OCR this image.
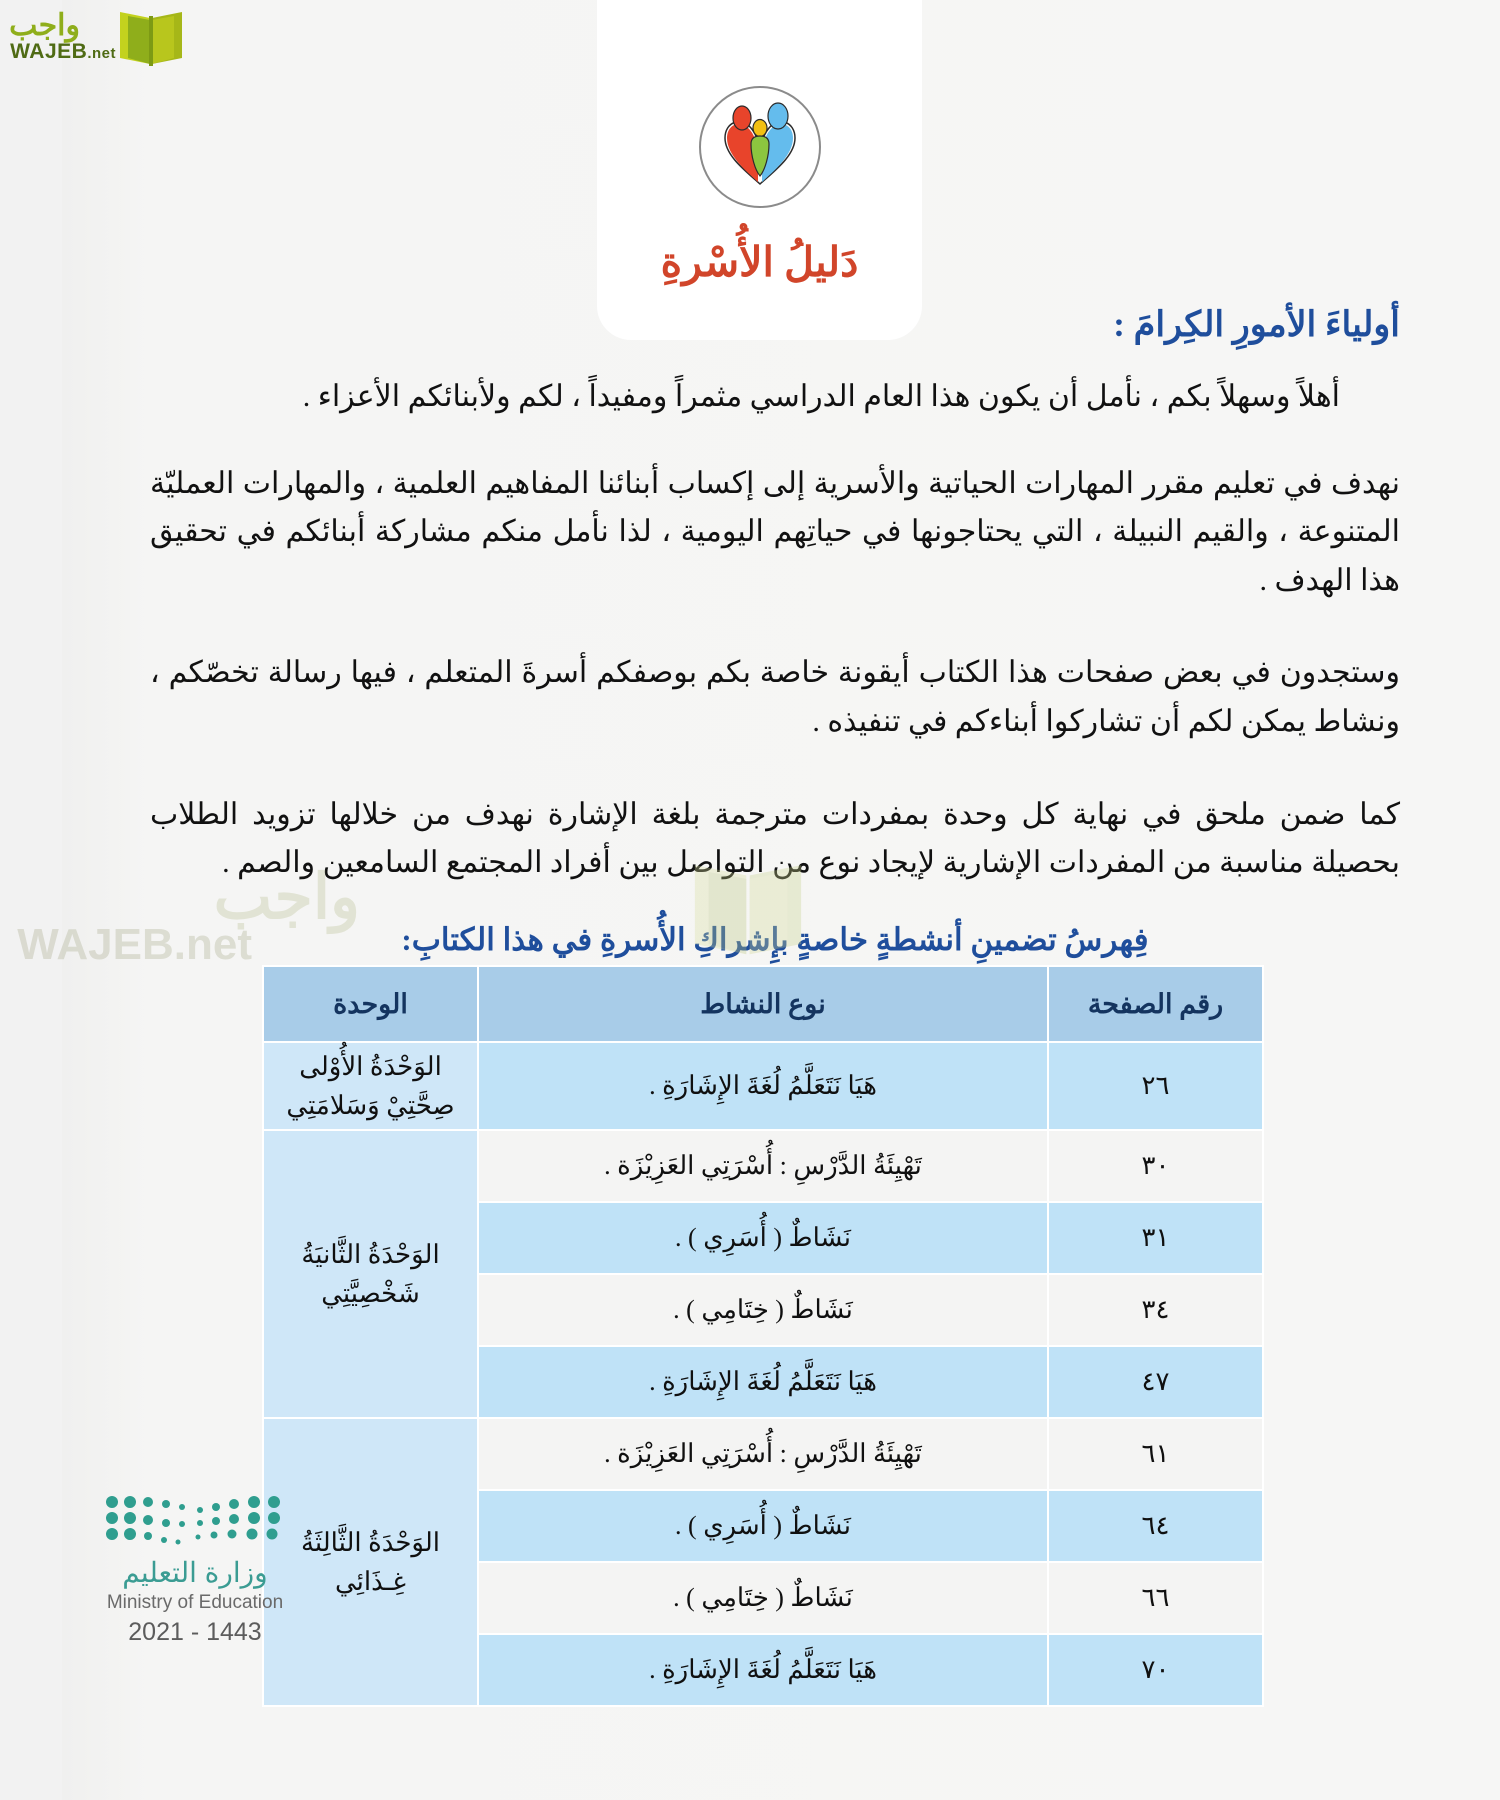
واجب
WAJEB.net
دَليلُ الأُسْرةِ
أولياءَ الأمورِ الكِرامَ :

أهلاً وسهلاً بكم ، نأمل أن يكون هذا العام الدراسي مثمراً ومفيداً ، لكم ولأبنائكم الأعزاء .

نهدف في تعليم مقرر المهارات الحياتية والأسرية إلى إكساب أبنائنا المفاهيم العلمية ، والمهارات العمليّة المتنوعة ، والقيم النبيلة ، التي يحتاجونها في حياتِهم اليومية ، لذا نأمل منكم مشاركة أبنائكم في تحقيق هذا الهدف .

وستجدون في بعض صفحات هذا الكتاب أيقونة خاصة بكم بوصفكم أسرةَ المتعلم ، فيها رسالة تخصّكم ، ونشاط يمكن لكم أن تشاركوا أبناءكم في تنفيذه .

كما ضمن ملحق في نهاية كل وحدة بمفردات مترجمة بلغة الإشارة نهدف من خلالها تزويد الطلاب بحصيلة مناسبة من المفردات الإشارية لإيجاد نوع من التواصل بين أفراد المجتمع السامعين والصم .

فِهرسُ تضمينِ أنشطةٍ خاصةٍ بإِشراكِ الأُسرةِ في هذا الكتابِ:
واجب
WAJEB.net
رقم الصفحة	نوع النشاط	الوحدة
٢٦	هَيَا نَتَعَلَّمُ لُغَةَ الإِشَارَةِ .	الوَحْدَةُ الأُوْلى
صِحَّتِيْ وَسَلامَتِي
٣٠	تَهْيِئَةُ الدَّرْسِ : أُسْرَتِي العَزِيْزَة .	الوَحْدَةُ الثَّانيَةُ
شَخْصِيَّتِي
٣١	نَشَاطٌ ( أُسَرِي ) .	
٣٤	نَشَاطٌ ( خِتَامِي ) .	
٤٧	هَيَا نَتَعَلَّمُ لُغَةَ الإِشَارَةِ .	
٦١	تَهْيِئَةُ الدَّرْسِ : أُسْرَتِي العَزِيْزَة .	الوَحْدَةُ الثَّالِثَةُ
غِـذَائِي
٦٤	نَشَاطٌ ( أُسَرِي ) .	
٦٦	نَشَاطٌ ( خِتَامِي ) .	
٧٠	هَيَا نَتَعَلَّمُ لُغَةَ الإِشَارَةِ .	
وزارة التعليم
Ministry of Education
2021 - 1443
